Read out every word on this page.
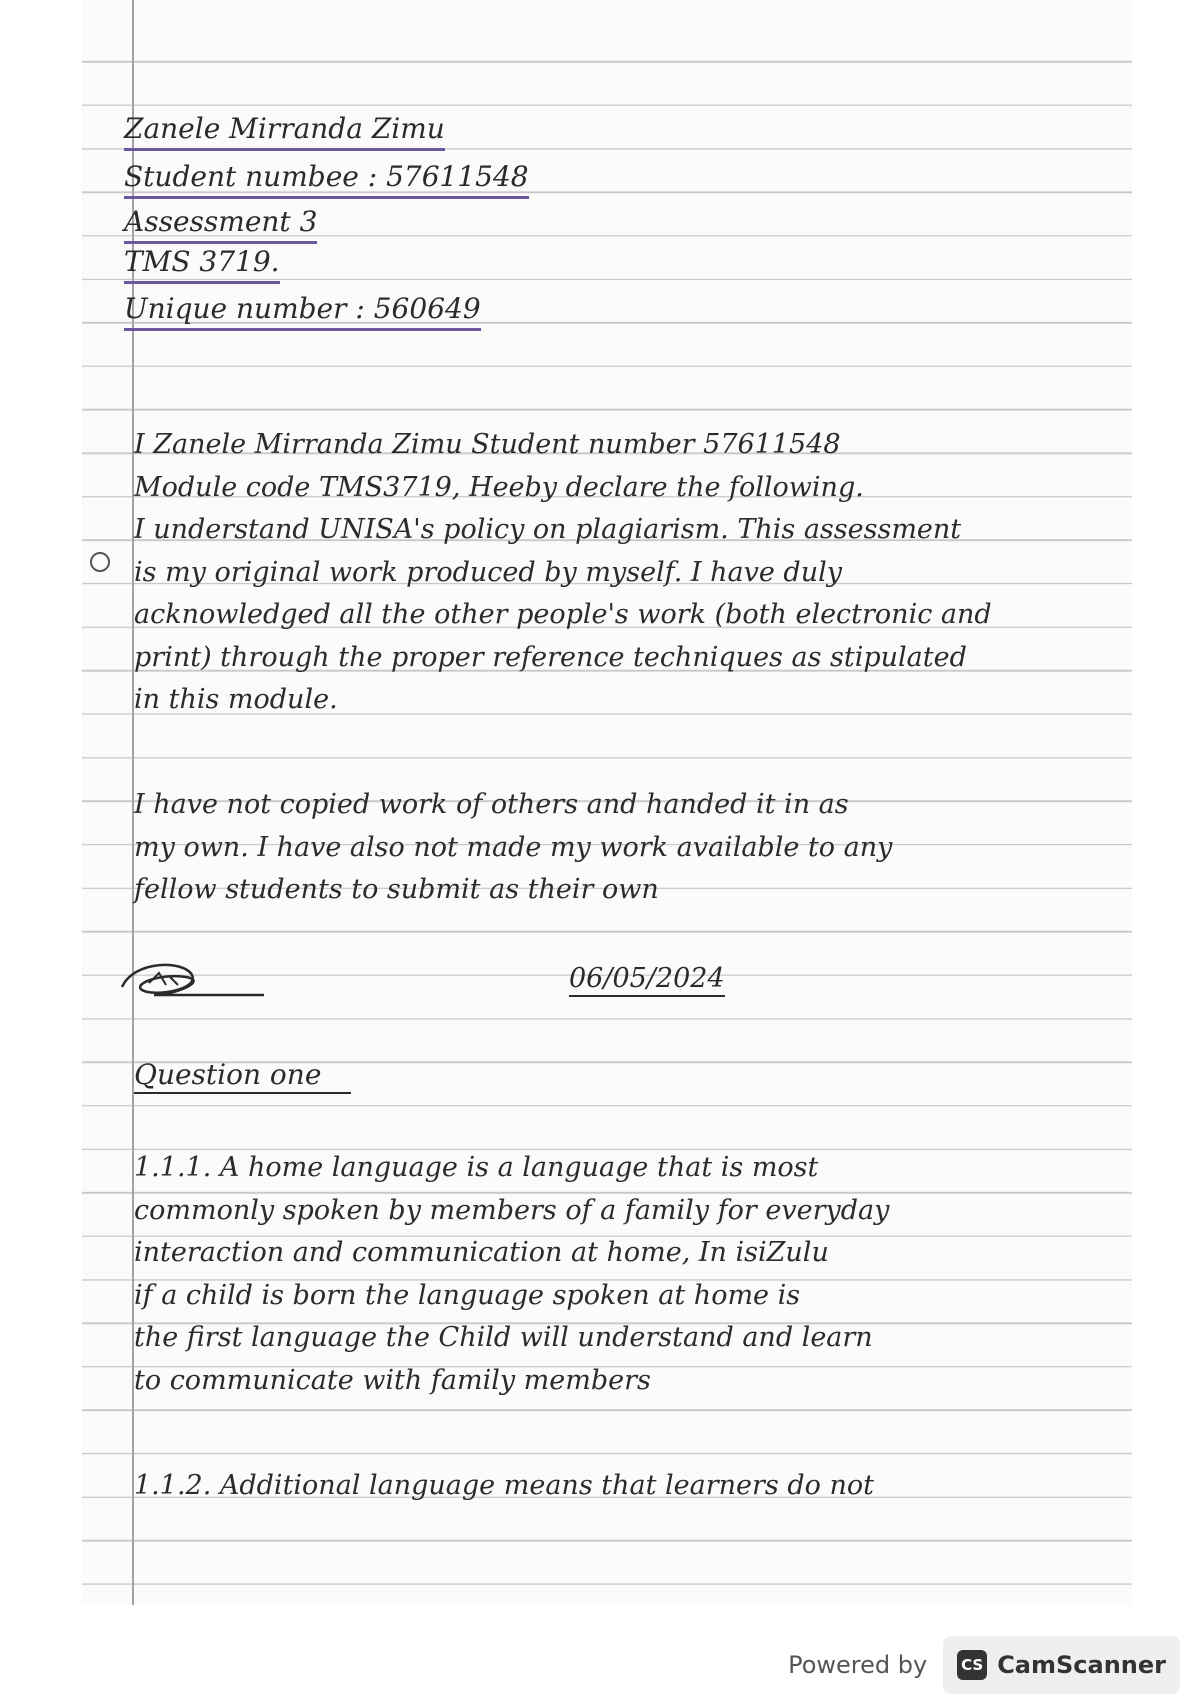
Zanele Mirranda Zimu
Student numbee : 57611548
Assessment 3
TMS 3719.
Unique number : 560649
I Zanele Mirranda Zimu Student number 57611548
Module code TMS3719, Heeby declare the following.
I understand UNISA's policy on plagiarism. This assessment
is my original work produced by myself. I have duly
acknowledged all the other people's work (both electronic and
print) through the proper reference techniques as stipulated
in this module.
I have not copied work of others and handed it in as
my own. I have also not made my work available to any
fellow students to submit as their own
06/05/2024
Question one
1.1.1. A home language is a language that is most
commonly spoken by members of a family for everyday
interaction and communication at home, In isiZulu
if a child is born the language spoken at home is
the first language the Child will understand and learn
to communicate with family members
1.1.2. Additional language means that learners do not
Powered by CS CamScanner
